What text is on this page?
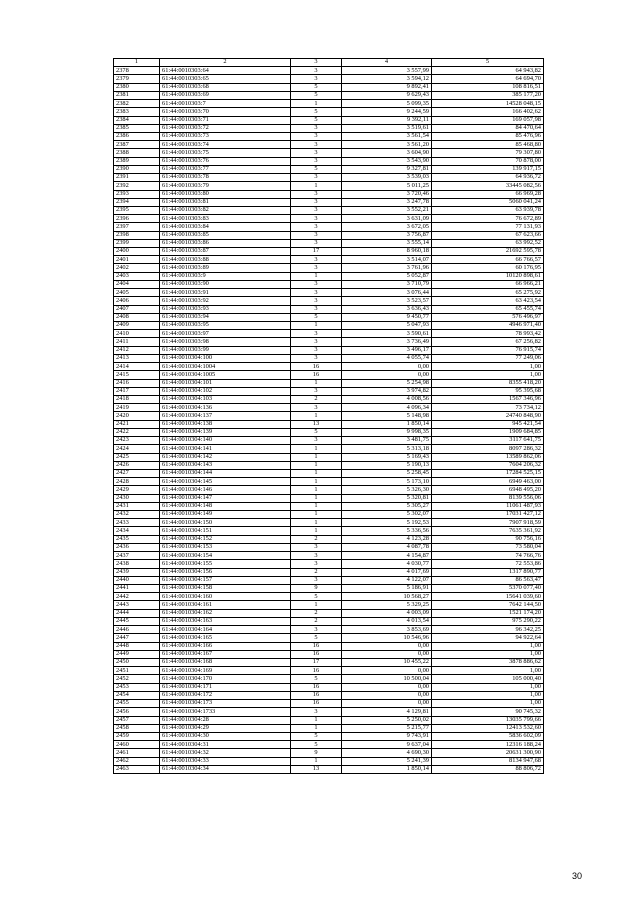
1	2	3	4	5
2378	61:44:0010303:64	3	3 557,99	64 943,82
2379	61:44:0010303:65	3	3 594,12	64 694,70
2380	61:44:0010303:68	5	9 892,41	108 816,51
2381	61:44:0010303:69	5	9 629,43	385 177,20
2382	61:44:0010303:7	1	5 099,35	14528 048,15
2383	61:44:0010303:70	5	9 244,59	166 402,62
2384	61:44:0010303:71	5	9 392,11	169 057,98
2385	61:44:0010303:72	3	3 519,61	84 470,64
2386	61:44:0010303:73	3	3 561,54	85 476,96
2387	61:44:0010303:74	3	3 561,20	85 468,80
2388	61:44:0010303:75	3	3 604,90	79 307,80
2389	61:44:0010303:76	3	3 543,90	70 878,00
2390	61:44:0010303:77	5	9 327,81	139 917,15
2391	61:44:0010303:78	3	3 539,03	64 936,72
2392	61:44:0010303:79	1	5 011,25	33445 082,56
2393	61:44:0010303:80	3	3 720,46	66 969,28
2394	61:44:0010303:81	3	3 247,78	5060 041,24
2395	61:44:0010303:82	3	3 552,21	63 939,78
2396	61:44:0010303:83	3	3 631,09	76 672,89
2397	61:44:0010303:84	3	3 672,05	77 131,93
2398	61:44:0010303:85	3	3 756,87	67 623,66
2399	61:44:0010303:86	3	3 555,14	63 992,52
2400	61:44:0010303:87	17	8 960,18	21692 595,78
2401	61:44:0010303:88	3	3 514,07	66 766,57
2402	61:44:0010303:89	3	3 761,96	60 176,95
2403	61:44:0010303:9	1	5 052,87	10120 898,61
2404	61:44:0010303:90	3	3 710,79	66 966,21
2405	61:44:0010303:91	3	3 076,44	65 275,92
2406	61:44:0010303:92	3	3 523,57	63 423,54
2407	61:44:0010303:93	3	3 636,43	65 455,74
2408	61:44:0010303:94	5	9 450,77	576 496,97
2409	61:44:0010303:95	1	5 047,93	4946 971,40
2410	61:44:0010303:97	3	3 590,61	78 993,42
2411	61:44:0010303:98	3	3 736,49	67 256,82
2412	61:44:0010303:99	3	3 496,17	76 915,74
2413	61:44:0010304:100	3	4 055,74	77 249,06
2414	61:44:0010304:1004	16	0,00	1,00
2415	61:44:0010304:1005	16	0,00	1,00
2416	61:44:0010304:101	1	5 254,98	8355 418,20
2417	61:44:0010304:102	3	3 974,82	95 395,68
2418	61:44:0010304:103	2	4 008,56	1567 346,96
2419	61:44:0010304:136	3	4 096,34	73 734,12
2420	61:44:0010304:137	1	5 148,98	24740 848,90
2421	61:44:0010304:138	13	1 850,14	945 421,54
2422	61:44:0010304:139	5	9 998,35	1909 684,85
2423	61:44:0010304:140	3	3 481,75	3117 641,75
2424	61:44:0010304:141	1	5 313,18	8097 286,32
2425	61:44:0010304:142	1	5 169,43	13589 862,06
2426	61:44:0010304:143	1	5 190,13	7604 206,32
2427	61:44:0010304:144	1	5 258,45	17284 525,15
2428	61:44:0010304:145	1	5 173,10	6949 463,00
2429	61:44:0010304:146	1	5 326,30	6948 495,20
2430	61:44:0010304:147	1	5 320,81	8139 556,06
2431	61:44:0010304:148	1	5 305,27	11061 487,93
2432	61:44:0010304:149	1	5 302,07	17031 427,12
2433	61:44:0010304:150	1	5 192,53	7907 918,59
2434	61:44:0010304:151	1	5 336,56	7635 361,92
2435	61:44:0010304:152	2	4 123,28	90 756,16
2436	61:44:0010304:153	3	4 087,78	73 580,04
2437	61:44:0010304:154	3	4 154,87	74 766,76
2438	61:44:0010304:155	3	4 030,77	72 553,86
2439	61:44:0010304:156	2	4 017,69	1317 890,77
2440	61:44:0010304:157	3	4 122,07	86 563,47
2441	61:44:0010304:158	9	5 186,91	5370 077,40
2442	61:44:0010304:160	5	10 568,27	15641 039,60
2443	61:44:0010304:161	1	5 329,25	7642 144,50
2444	61:44:0010304:162	2	4 003,09	1521 174,20
2445	61:44:0010304:163	2	4 013,54	975 290,22
2446	61:44:0010304:164	3	3 853,69	96 342,25
2447	61:44:0010304:165	5	10 546,96	94 922,64
2448	61:44:0010304:166	16	0,00	1,00
2449	61:44:0010304:167	16	0,00	1,00
2450	61:44:0010304:168	17	10 455,22	3878 886,62
2451	61:44:0010304:169	16	0,00	1,00
2452	61:44:0010304:170	5	10 500,04	105 000,40
2453	61:44:0010304:171	16	0,00	1,00
2454	61:44:0010304:172	16	0,00	1,00
2455	61:44:0010304:173	16	0,00	1,00
2456	61:44:0010304:1733	3	4 129,81	90 745,32
2457	61:44:0010304:28	1	5 250,02	13035 799,66
2458	61:44:0010304:29	1	5 215,77	12413 532,60
2459	61:44:0010304:30	5	9 743,91	5836 602,09
2460	61:44:0010304:31	5	9 637,04	12316 188,24
2461	61:44:0010304:32	9	4 690,30	20631 300,90
2462	61:44:0010304:33	1	5 241,39	8134 947,68
2463	61:44:0010304:34	13	1 850,14	88 806,72
30
